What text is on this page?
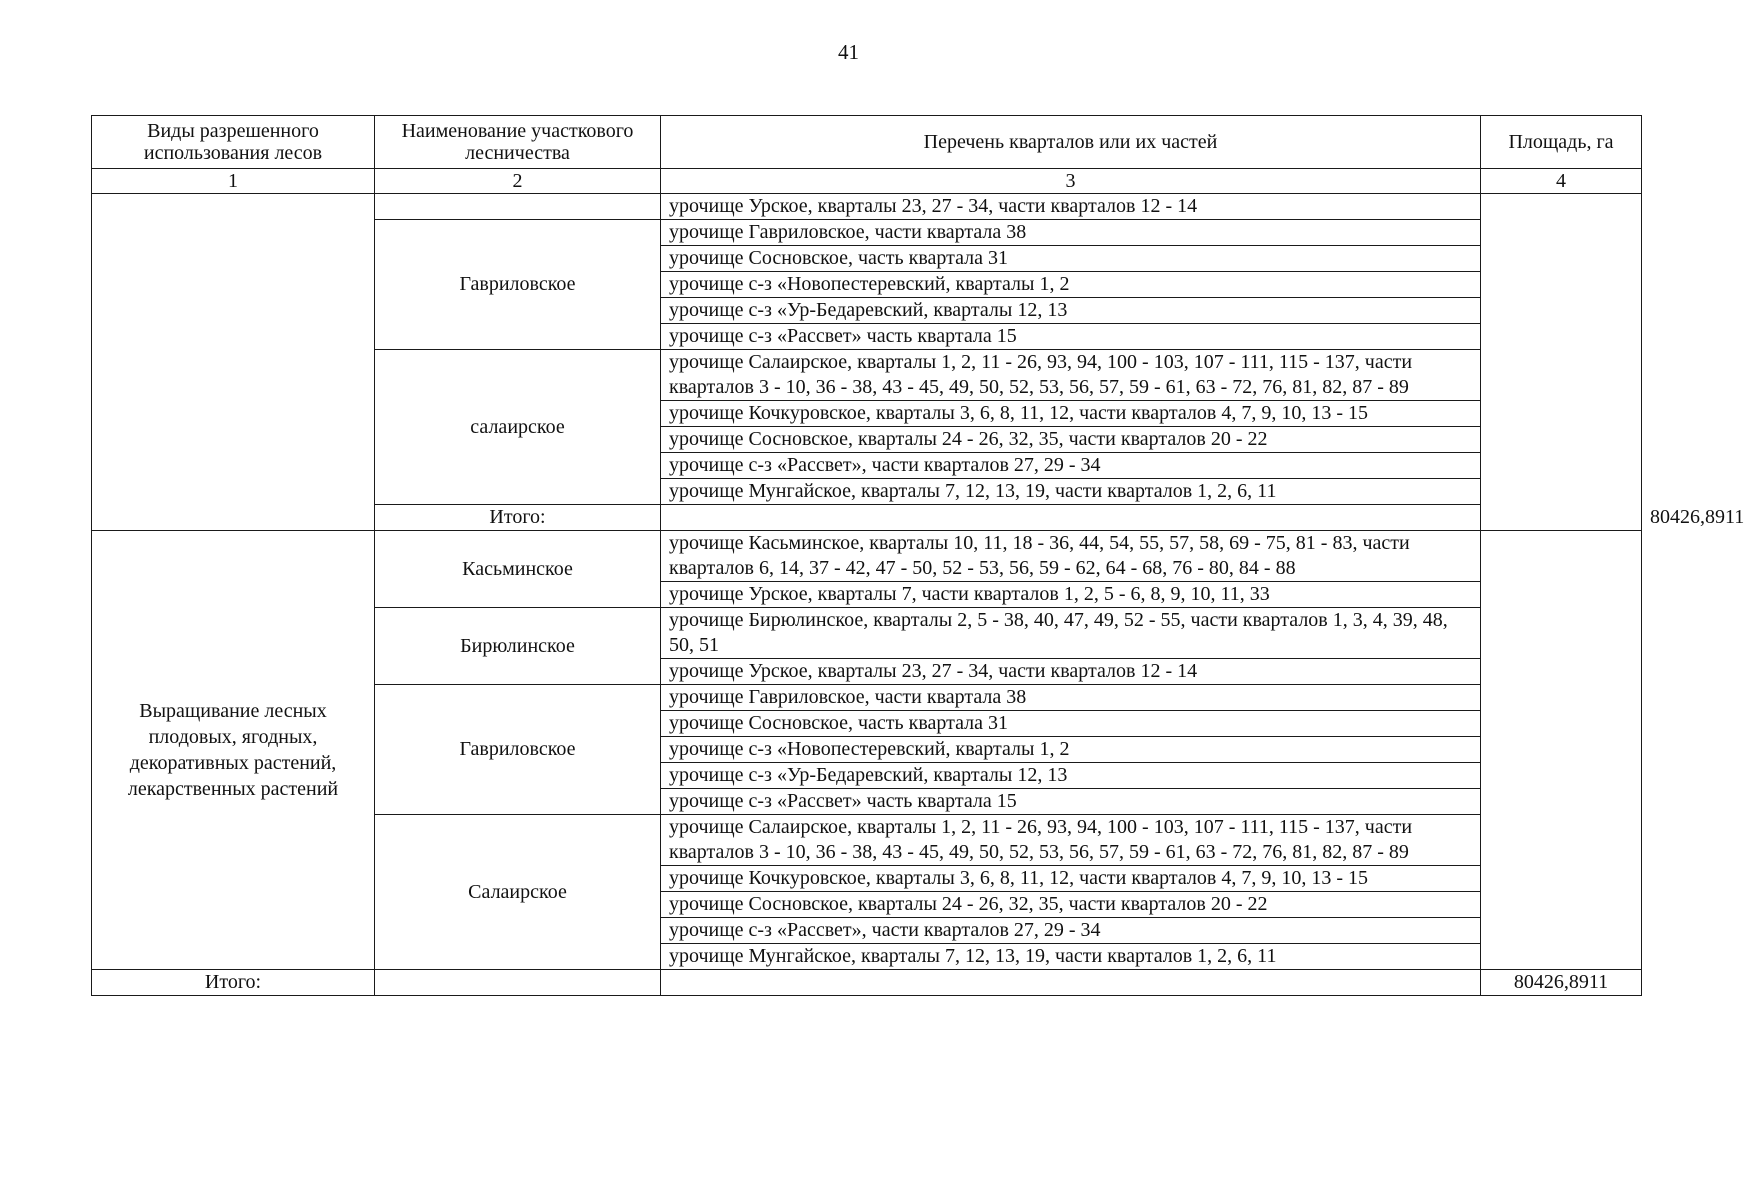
41
Виды разрешенного использования лесов	Наименование участкового лесничества	Перечень кварталов или их частей	Площадь, га	
1	2	3	4	
		урочище Урское, кварталы 23, 27 - 34, части кварталов 12 - 14		
	Гавриловское	урочище Гавриловское, части квартала 38		
		урочище Сосновское, часть квартала 31		
		урочище с-з «Новопестеревский, кварталы 1, 2		
		урочище с-з «Ур-Бедаревский, кварталы 12, 13		
		урочище с-з «Рассвет» часть квартала 15		
	салаирское	урочище Салаирское, кварталы 1, 2, 11 - 26, 93, 94, 100 - 103, 107 - 111, 115 - 137, части кварталов 3 - 10, 36 - 38, 43 - 45, 49, 50, 52, 53, 56, 57, 59 - 61, 63 - 72, 76, 81, 82, 87 - 89		
		урочище Кочкуровское, кварталы 3, 6, 8, 11, 12, части кварталов 4, 7, 9, 10, 13 - 15		
		урочище Сосновское, кварталы 24 - 26, 32, 35, части кварталов 20 - 22		
		урочище с-з «Рассвет», части кварталов 27, 29 - 34		
		урочище Мунгайское, кварталы 7, 12, 13, 19, части кварталов 1, 2, 6, 11		
	Итого:			80426,8911
Выращивание лесных плодовых, ягодных, декоративных растений, лекарственных растений	Касьминское	урочище Касьминское, кварталы 10, 11, 18 - 36, 44, 54, 55, 57, 58, 69 - 75, 81 - 83, части кварталов 6, 14, 37 - 42, 47 - 50, 52 - 53, 56, 59 - 62, 64 - 68, 76 - 80, 84 - 88		
		урочище Урское, кварталы 7, части кварталов 1, 2, 5 - 6, 8, 9, 10, 11, 33		
	Бирюлинское	урочище Бирюлинское, кварталы 2, 5 - 38, 40, 47, 49, 52 - 55, части кварталов 1, 3, 4, 39, 48, 50, 51		
		урочище Урское, кварталы 23, 27 - 34, части кварталов 12 - 14		
	Гавриловское	урочище Гавриловское, части квартала 38		
		урочище Сосновское, часть квартала 31		
		урочище с-з «Новопестеревский, кварталы 1, 2		
		урочище с-з «Ур-Бедаревский, кварталы 12, 13		
		урочище с-з «Рассвет» часть квартала 15		
	Салаирское	урочище Салаирское, кварталы 1, 2, 11 - 26, 93, 94, 100 - 103, 107 - 111, 115 - 137, части кварталов 3 - 10, 36 - 38, 43 - 45, 49, 50, 52, 53, 56, 57, 59 - 61, 63 - 72, 76, 81, 82, 87 - 89		
		урочище Кочкуровское, кварталы 3, 6, 8, 11, 12, части кварталов 4, 7, 9, 10, 13 - 15		
		урочище Сосновское, кварталы 24 - 26, 32, 35, части кварталов 20 - 22		
		урочище с-з «Рассвет», части кварталов 27, 29 - 34		
		урочище Мунгайское, кварталы 7, 12, 13, 19, части кварталов 1, 2, 6, 11		
Итого:			80426,8911	
